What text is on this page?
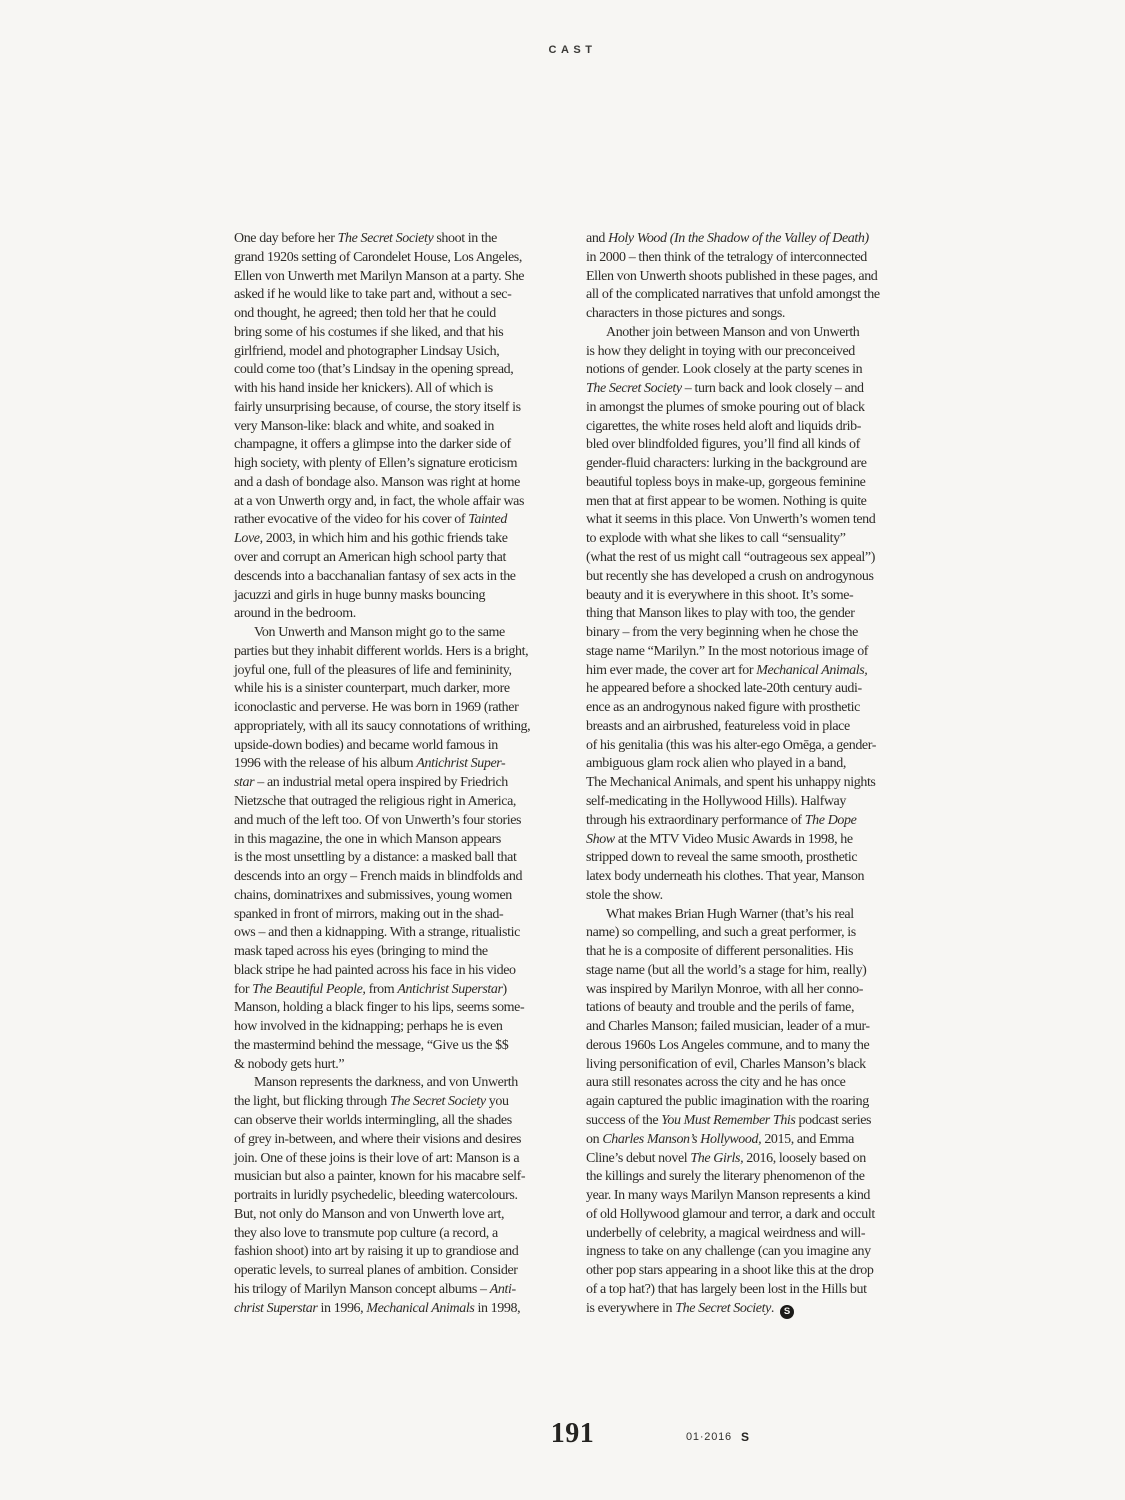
CAST
One day before her The Secret Society shoot in the
grand 1920s setting of Carondelet House, Los Angeles,
Ellen von Unwerth met Marilyn Manson at a party. She
asked if he would like to take part and, without a sec-
ond thought, he agreed; then told her that he could
bring some of his costumes if she liked, and that his
girlfriend, model and photographer Lindsay Usich,
could come too (that’s Lindsay in the opening spread,
with his hand inside her knickers). All of which is
fairly unsurprising because, of course, the story itself is
very Manson-like: black and white, and soaked in
champagne, it offers a glimpse into the darker side of
high society, with plenty of Ellen’s signature eroticism
and a dash of bondage also. Manson was right at home
at a von Unwerth orgy and, in fact, the whole affair was
rather evocative of the video for his cover of Tainted
Love, 2003, in which him and his gothic friends take
over and corrupt an American high school party that
descends into a bacchanalian fantasy of sex acts in the
jacuzzi and girls in huge bunny masks bouncing
around in the bedroom.
Von Unwerth and Manson might go to the same
parties but they inhabit different worlds. Hers is a bright,
joyful one, full of the pleasures of life and femininity,
while his is a sinister counterpart, much darker, more
iconoclastic and perverse. He was born in 1969 (rather
appropriately, with all its saucy connotations of writhing,
upside-down bodies) and became world famous in
1996 with the release of his album Antichrist Super-
star – an industrial metal opera inspired by Friedrich
Nietzsche that outraged the religious right in America,
and much of the left too. Of von Unwerth’s four stories
in this magazine, the one in which Manson appears
is the most unsettling by a distance: a masked ball that
descends into an orgy – French maids in blindfolds and
chains, dominatrixes and submissives, young women
spanked in front of mirrors, making out in the shad-
ows – and then a kidnapping. With a strange, ritualistic
mask taped across his eyes (bringing to mind the
black stripe he had painted across his face in his video
for The Beautiful People, from Antichrist Superstar)
Manson, holding a black finger to his lips, seems some-
how involved in the kidnapping; perhaps he is even
the mastermind behind the message, “Give us the $$
& nobody gets hurt.”
Manson represents the darkness, and von Unwerth
the light, but flicking through The Secret Society you
can observe their worlds intermingling, all the shades
of grey in-between, and where their visions and desires
join. One of these joins is their love of art: Manson is a
musician but also a painter, known for his macabre self-
portraits in luridly psychedelic, bleeding watercolours.
But, not only do Manson and von Unwerth love art,
they also love to transmute pop culture (a record, a
fashion shoot) into art by raising it up to grandiose and
operatic levels, to surreal planes of ambition. Consider
his trilogy of Marilyn Manson concept albums – Anti-
christ Superstar in 1996, Mechanical Animals in 1998,
and Holy Wood (In the Shadow of the Valley of Death)
in 2000 – then think of the tetralogy of interconnected
Ellen von Unwerth shoots published in these pages, and
all of the complicated narratives that unfold amongst the
characters in those pictures and songs.
Another join between Manson and von Unwerth
is how they delight in toying with our preconceived
notions of gender. Look closely at the party scenes in
The Secret Society – turn back and look closely – and
in amongst the plumes of smoke pouring out of black
cigarettes, the white roses held aloft and liquids drib-
bled over blindfolded figures, you’ll find all kinds of
gender-fluid characters: lurking in the background are
beautiful topless boys in make-up, gorgeous feminine
men that at first appear to be women. Nothing is quite
what it seems in this place. Von Unwerth’s women tend
to explode with what she likes to call “sensuality”
(what the rest of us might call “outrageous sex appeal”)
but recently she has developed a crush on androgynous
beauty and it is everywhere in this shoot. It’s some-
thing that Manson likes to play with too, the gender
binary – from the very beginning when he chose the
stage name “Marilyn.” In the most notorious image of
him ever made, the cover art for Mechanical Animals,
he appeared before a shocked late-20th century audi-
ence as an androgynous naked figure with prosthetic
breasts and an airbrushed, featureless void in place
of his genitalia (this was his alter-ego Omēga, a gender-
ambiguous glam rock alien who played in a band,
The Mechanical Animals, and spent his unhappy nights
self-medicating in the Hollywood Hills). Halfway
through his extraordinary performance of The Dope
Show at the MTV Video Music Awards in 1998, he
stripped down to reveal the same smooth, prosthetic
latex body underneath his clothes. That year, Manson
stole the show.
What makes Brian Hugh Warner (that’s his real
name) so compelling, and such a great performer, is
that he is a composite of different personalities. His
stage name (but all the world’s a stage for him, really)
was inspired by Marilyn Monroe, with all her conno-
tations of beauty and trouble and the perils of fame,
and Charles Manson; failed musician, leader of a mur-
derous 1960s Los Angeles commune, and to many the
living personification of evil, Charles Manson’s black
aura still resonates across the city and he has once
again captured the public imagination with the roaring
success of the You Must Remember This podcast series
on Charles Manson’s Hollywood, 2015, and Emma
Cline’s debut novel The Girls, 2016, loosely based on
the killings and surely the literary phenomenon of the
year. In many ways Marilyn Manson represents a kind
of old Hollywood glamour and terror, a dark and occult
underbelly of celebrity, a magical weirdness and will-
ingness to take on any challenge (can you imagine any
other pop stars appearing in a shoot like this at the drop
of a top hat?) that has largely been lost in the Hills but
is everywhere in The Secret Society. S
191	01·2016 S
